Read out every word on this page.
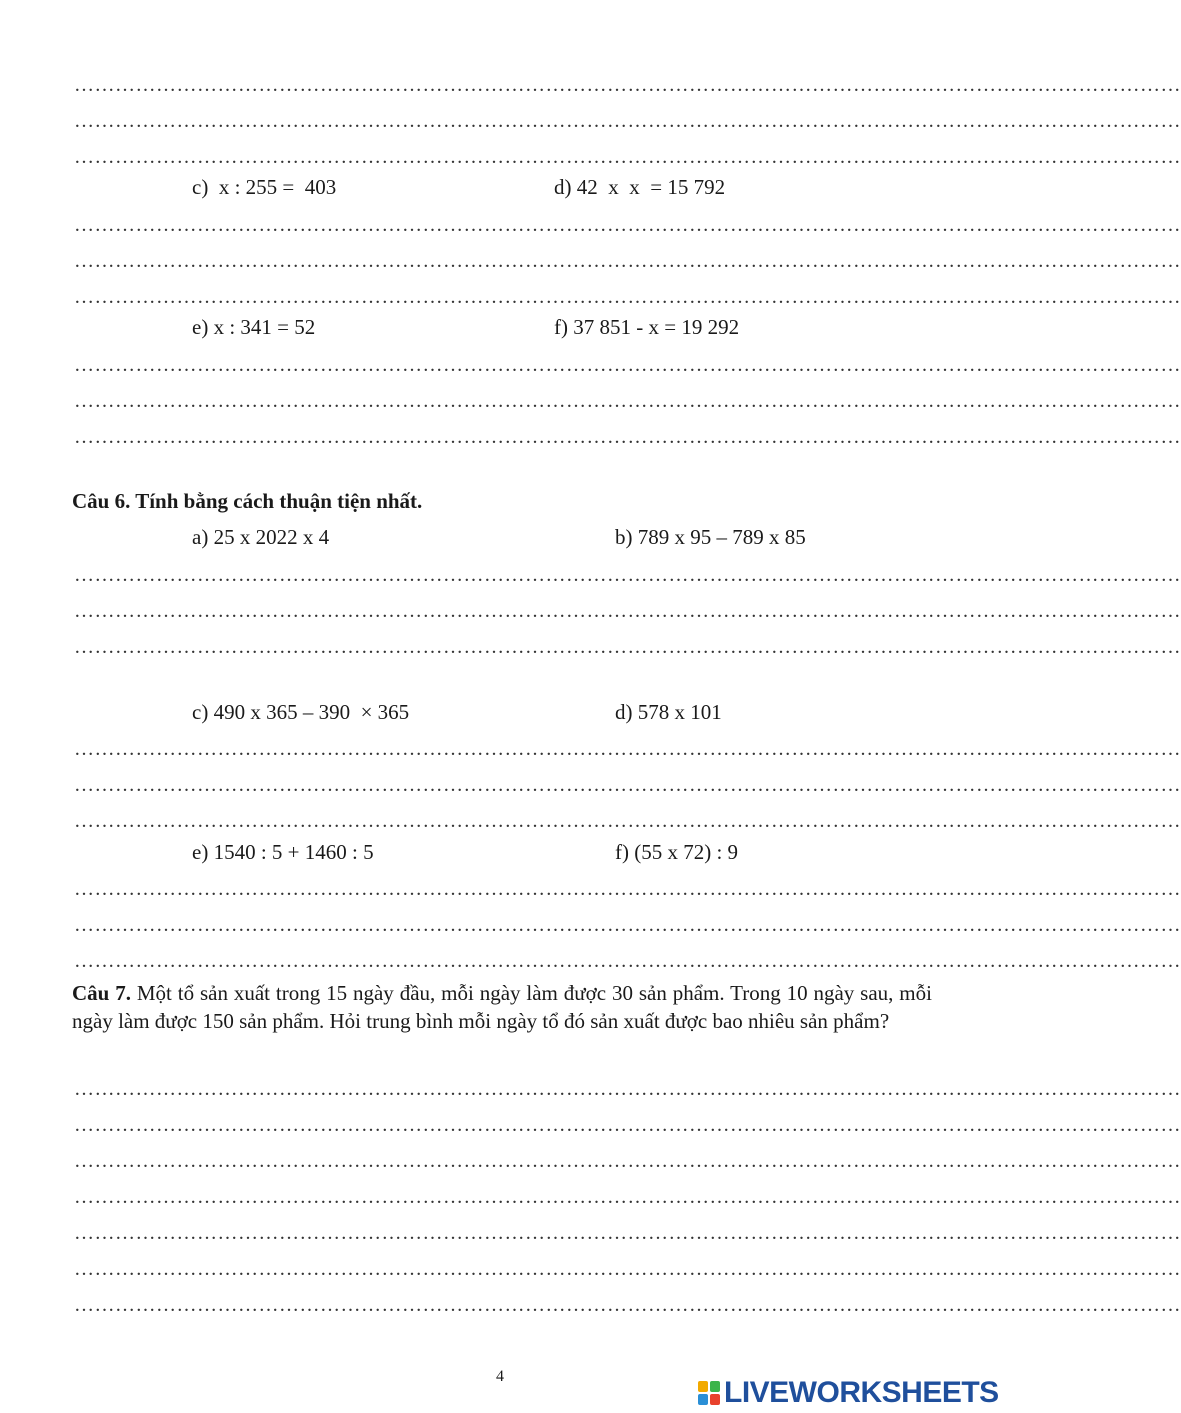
………………………………………………………………………………………………………………………………………………
………………………………………………………………………………………………………………………………………………
………………………………………………………………………………………………………………………………………………
c)  x : 255 =  403	d) 42  x  x  = 15 792
………………………………………………………………………………………………………………………………………………
………………………………………………………………………………………………………………………………………………
………………………………………………………………………………………………………………………………………………
e) x : 341 = 52	f) 37 851 - x = 19 292
………………………………………………………………………………………………………………………………………………
………………………………………………………………………………………………………………………………………………
………………………………………………………………………………………………………………………………………………
Câu 6. Tính bằng cách thuận tiện nhất.
a) 25 x 2022 x 4	b) 789 x 95 – 789 x 85
………………………………………………………………………………………………………………………………………………
………………………………………………………………………………………………………………………………………………
………………………………………………………………………………………………………………………………………………
c) 490 x 365 – 390  × 365	d) 578 x 101
………………………………………………………………………………………………………………………………………………
………………………………………………………………………………………………………………………………………………
………………………………………………………………………………………………………………………………………………
e) 1540 : 5 + 1460 : 5	f) (55 x 72) : 9
………………………………………………………………………………………………………………………………………………
………………………………………………………………………………………………………………………………………………
………………………………………………………………………………………………………………………………………………
Câu 7. Một tổ sản xuất trong 15 ngày đầu, mỗi ngày làm được 30 sản phẩm. Trong 10 ngày sau, mỗi ngày làm được 150 sản phẩm. Hỏi trung bình mỗi ngày tổ đó sản xuất được bao nhiêu sản phẩm?
………………………………………………………………………………………………………………………………………………
………………………………………………………………………………………………………………………………………………
………………………………………………………………………………………………………………………………………………
………………………………………………………………………………………………………………………………………………
………………………………………………………………………………………………………………………………………………
………………………………………………………………………………………………………………………………………………
………………………………………………………………………………………………………………………………………………
4	LIVEWORKSHEETS
